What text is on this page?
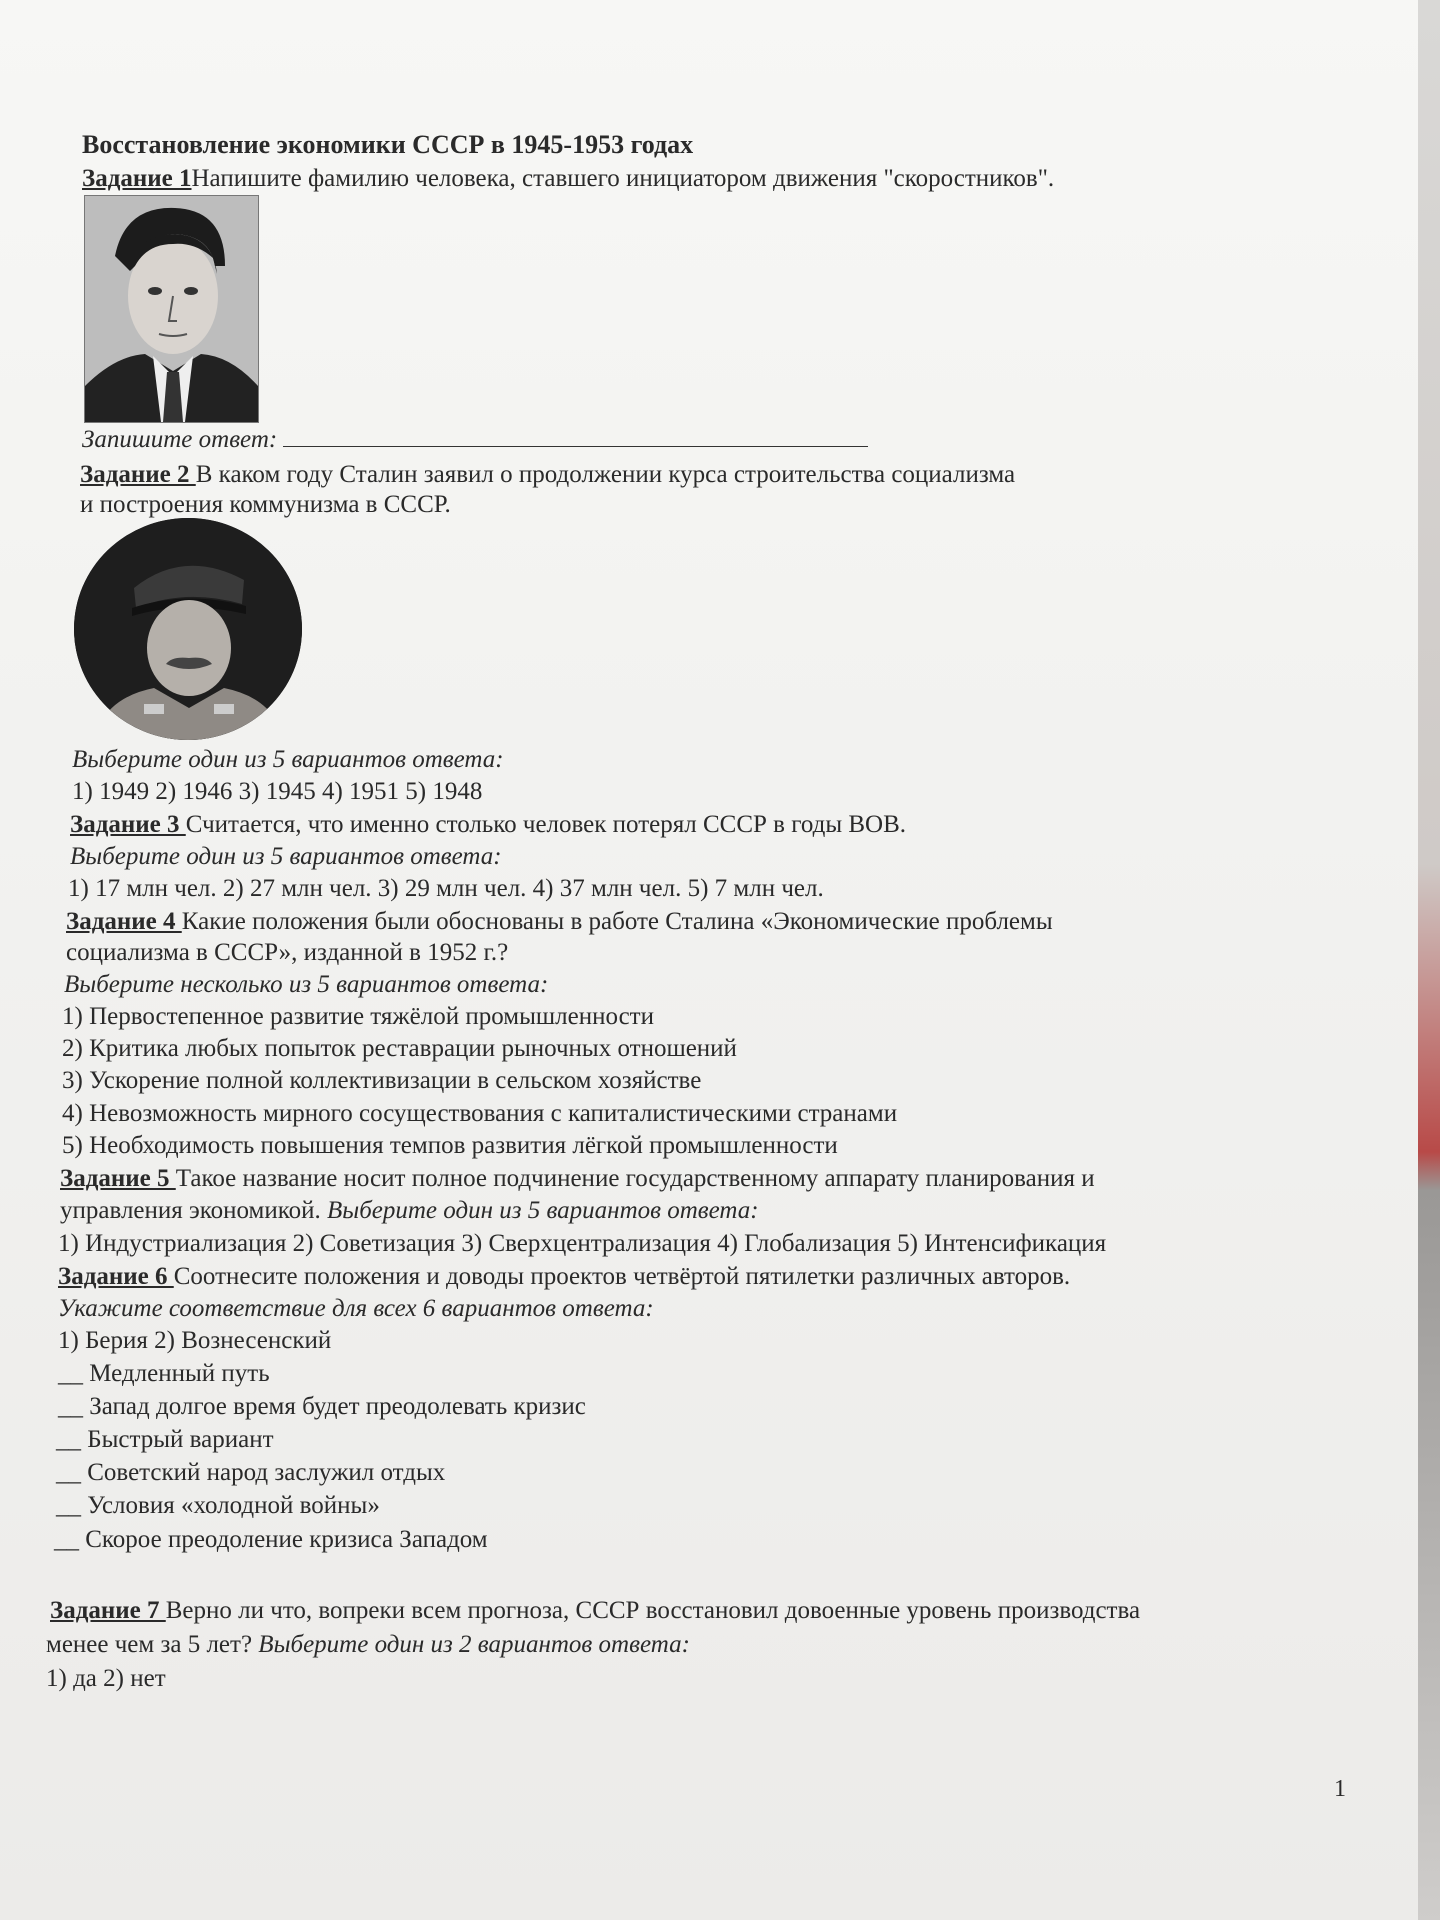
Восстановление экономики СССР в 1945-1953 годах
Задание 1Напишите фамилию человека, ставшего инициатором движения "скоростников".
Запишите ответ:
Задание 2 В каком году Сталин заявил о продолжении курса строительства социализма
и построения коммунизма в СССР.
Выберите один из 5 вариантов ответа:
1) 1949 2) 1946 3) 1945 4) 1951 5) 1948
Задание 3 Считается, что именно столько человек потерял СССР в годы ВОВ.
Выберите один из 5 вариантов ответа:
1) 17 млн чел. 2) 27 млн чел. 3) 29 млн чел. 4) 37 млн чел. 5) 7 млн чел.
Задание 4 Какие положения были обоснованы в работе Сталина «Экономические проблемы
социализма в СССР», изданной в 1952 г.?
Выберите несколько из 5 вариантов ответа:
1) Первостепенное развитие тяжёлой промышленности
2) Критика любых попыток реставрации рыночных отношений
3) Ускорение полной коллективизации в сельском хозяйстве
4) Невозможность мирного сосуществования с капиталистическими странами
5) Необходимость повышения темпов развития лёгкой промышленности
Задание 5 Такое название носит полное подчинение государственному аппарату планирования и
управления экономикой. Выберите один из 5 вариантов ответа:
1) Индустриализация 2) Советизация 3) Сверхцентрализация 4) Глобализация 5) Интенсификация
Задание 6 Соотнесите положения и доводы проектов четвёртой пятилетки различных авторов.
Укажите соответствие для всех 6 вариантов ответа:
1) Берия 2) Вознесенский
__ Медленный путь
__ Запад долгое время будет преодолевать кризис
__ Быстрый вариант
__ Советский народ заслужил отдых
__ Условия «холодной войны»
__ Скорое преодоление кризиса Западом
Задание 7 Верно ли что, вопреки всем прогноза, СССР восстановил довоенные уровень производства
менее чем за 5 лет? Выберите один из 2 вариантов ответа:
1) да 2) нет
1
